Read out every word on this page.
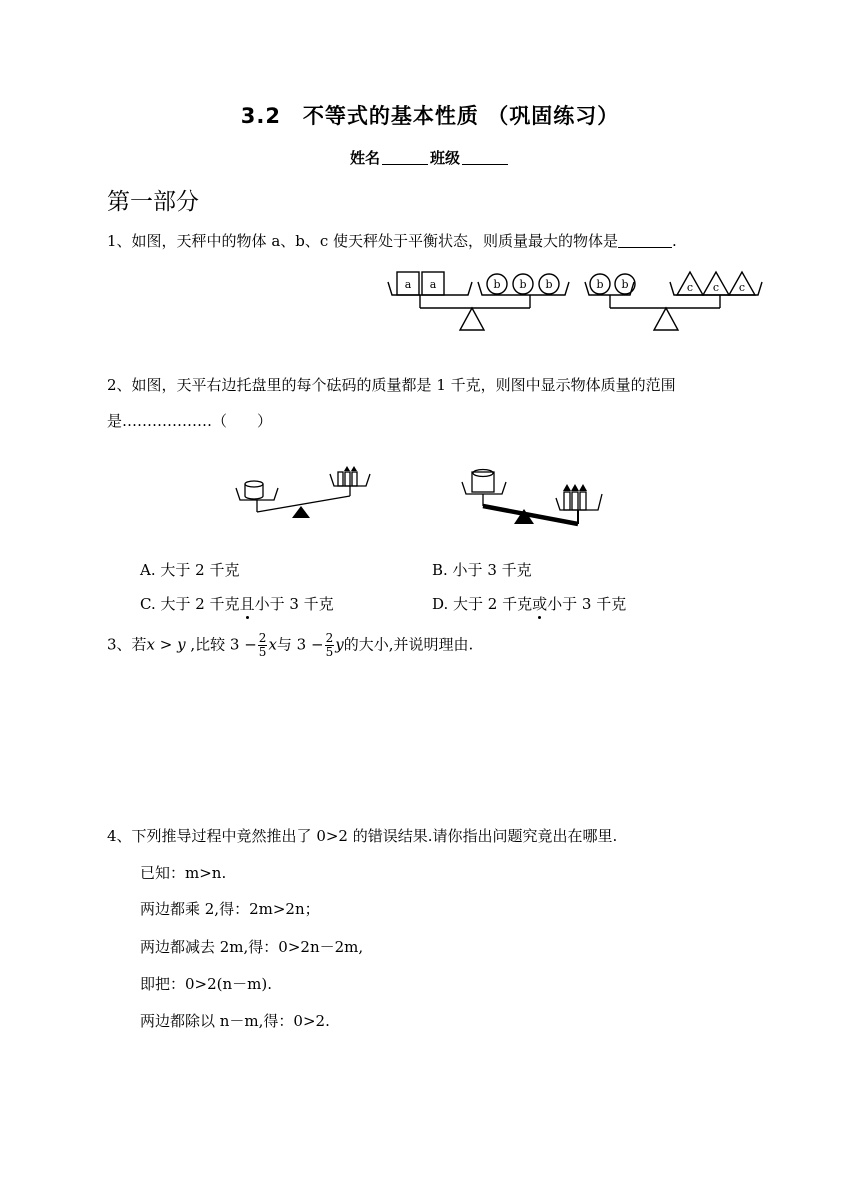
3.2　不等式的基本性质 （巩固练习）
姓名	班级
第一部分
1、如图，天秤中的物体 a、b、c 使天秤处于平衡状态，则质量最大的物体是	.
a a	b b b	b b	c c c
2、如图，天平右边托盘里的每个砝码的质量都是 1 千克，则图中显示物体质量的范围
是………………（　　）
A. 大于 2 千克	B. 小于 3 千克
C. 大于 2 千克且小于 3 千克	D. 大于 2 千克或小于 3 千克
3、若x > y ,比较 $3 - \frac{2}{5}$ x与 $3 - \frac{2}{5}$ y的大小,并说明理由.
4、下列推导过程中竟然推出了 0>2 的错误结果.请你指出问题究竟出在哪里.
已知：m>n.
两边都乘 2,得：2m>2n；
两边都减去 2m,得：0>2n－2m,
即把：0>2(n－m).
两边都除以 n－m,得：0>2.
